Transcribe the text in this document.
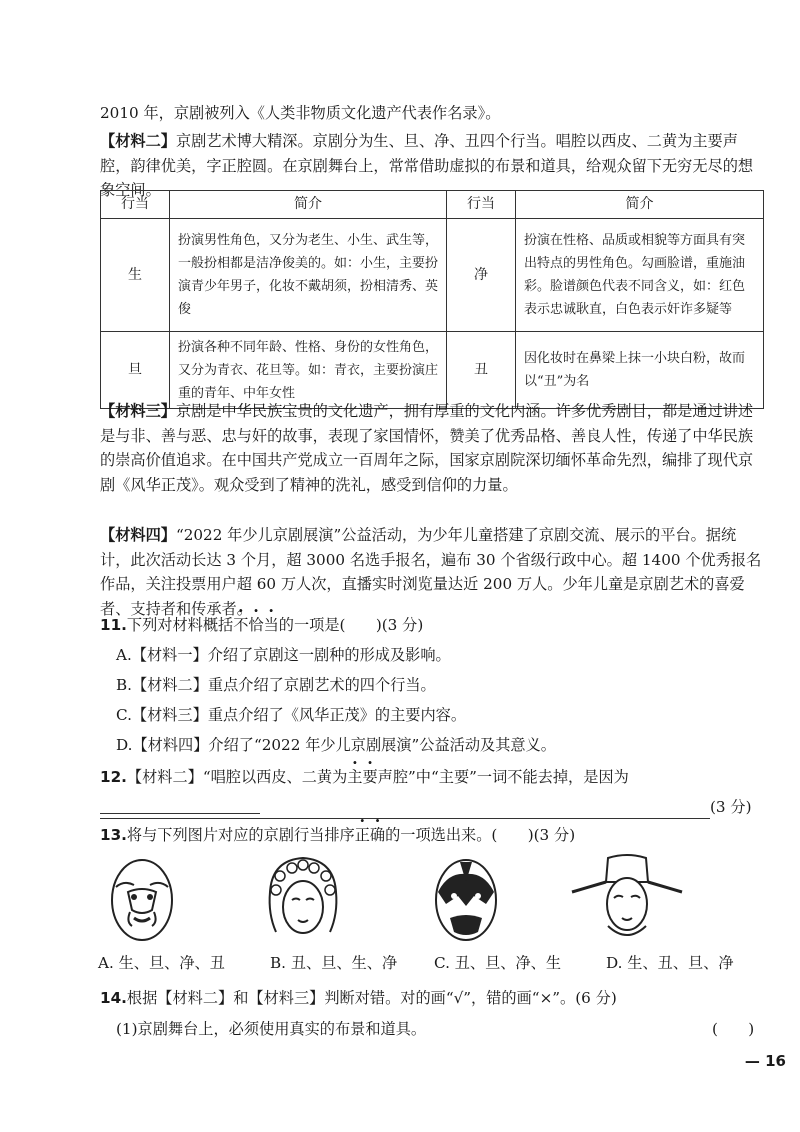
2010 年，京剧被列入《人类非物质文化遗产代表作名录》。

【材料二】京剧艺术博大精深。京剧分为生、旦、净、丑四个行当。唱腔以西皮、二黄为主要声腔，韵律优美，字正腔圆。在京剧舞台上，常常借助虚拟的布景和道具，给观众留下无穷无尽的想象空间。

行当	简介	行当	简介
生	扮演男性角色，又分为老生、小生、武生等，一般扮相都是洁净俊美的。如：小生，主要扮演青少年男子，化妆不戴胡须，扮相清秀、英俊	净	扮演在性格、品质或相貌等方面具有突出特点的男性角色。勾画脸谱，重施油彩。脸谱颜色代表不同含义，如：红色表示忠诚耿直，白色表示奸诈多疑等
旦	扮演各种不同年龄、性格、身份的女性角色，又分为青衣、花旦等。如：青衣，主要扮演庄重的青年、中年女性	丑	因化妆时在鼻梁上抹一小块白粉，故而以“丑”为名

【材料三】京剧是中华民族宝贵的文化遗产，拥有厚重的文化内涵。许多优秀剧目，都是通过讲述是与非、善与恶、忠与奸的故事，表现了家国情怀，赞美了优秀品格、善良人性，传递了中华民族的崇高价值追求。在中国共产党成立一百周年之际，国家京剧院深切缅怀革命先烈，编排了现代京剧《风华正茂》。观众受到了精神的洗礼，感受到信仰的力量。

【材料四】“2022 年少儿京剧展演”公益活动，为少年儿童搭建了京剧交流、展示的平台。据统计，此次活动长达 3 个月，超 3000 名选手报名，遍布 30 个省级行政中心。超 1400 个优秀报名作品，关注投票用户超 60 万人次，直播实时浏览量达近 200 万人。少年儿童是京剧艺术的喜爱者、支持者和传承者。

11.下列对材料概括不恰当的一项是(　　)(3 分)

A.【材料一】介绍了京剧这一剧种的形成及影响。
B.【材料二】重点介绍了京剧艺术的四个行当。
C.【材料三】重点介绍了《风华正茂》的主要内容。
D.【材料四】介绍了“2022 年少儿京剧展演”公益活动及其意义。

12.【材料二】“唱腔以西皮、二黄为主要声腔”中“主要”一词不能去掉，是因为

(3 分)

13.将与下列图片对应的京剧行当排序正确的一项选出来。(　　)(3 分)

A. 生、旦、净、丑	B. 丑、旦、生、净 C. 丑、旦、净、生	D. 生、丑、旦、净

14.根据【材料二】和【材料三】判断对错。对的画“√”，错的画“×”。(6 分)

(1)京剧舞台上，必须使用真实的布景和道具。	(　　)
— 16
